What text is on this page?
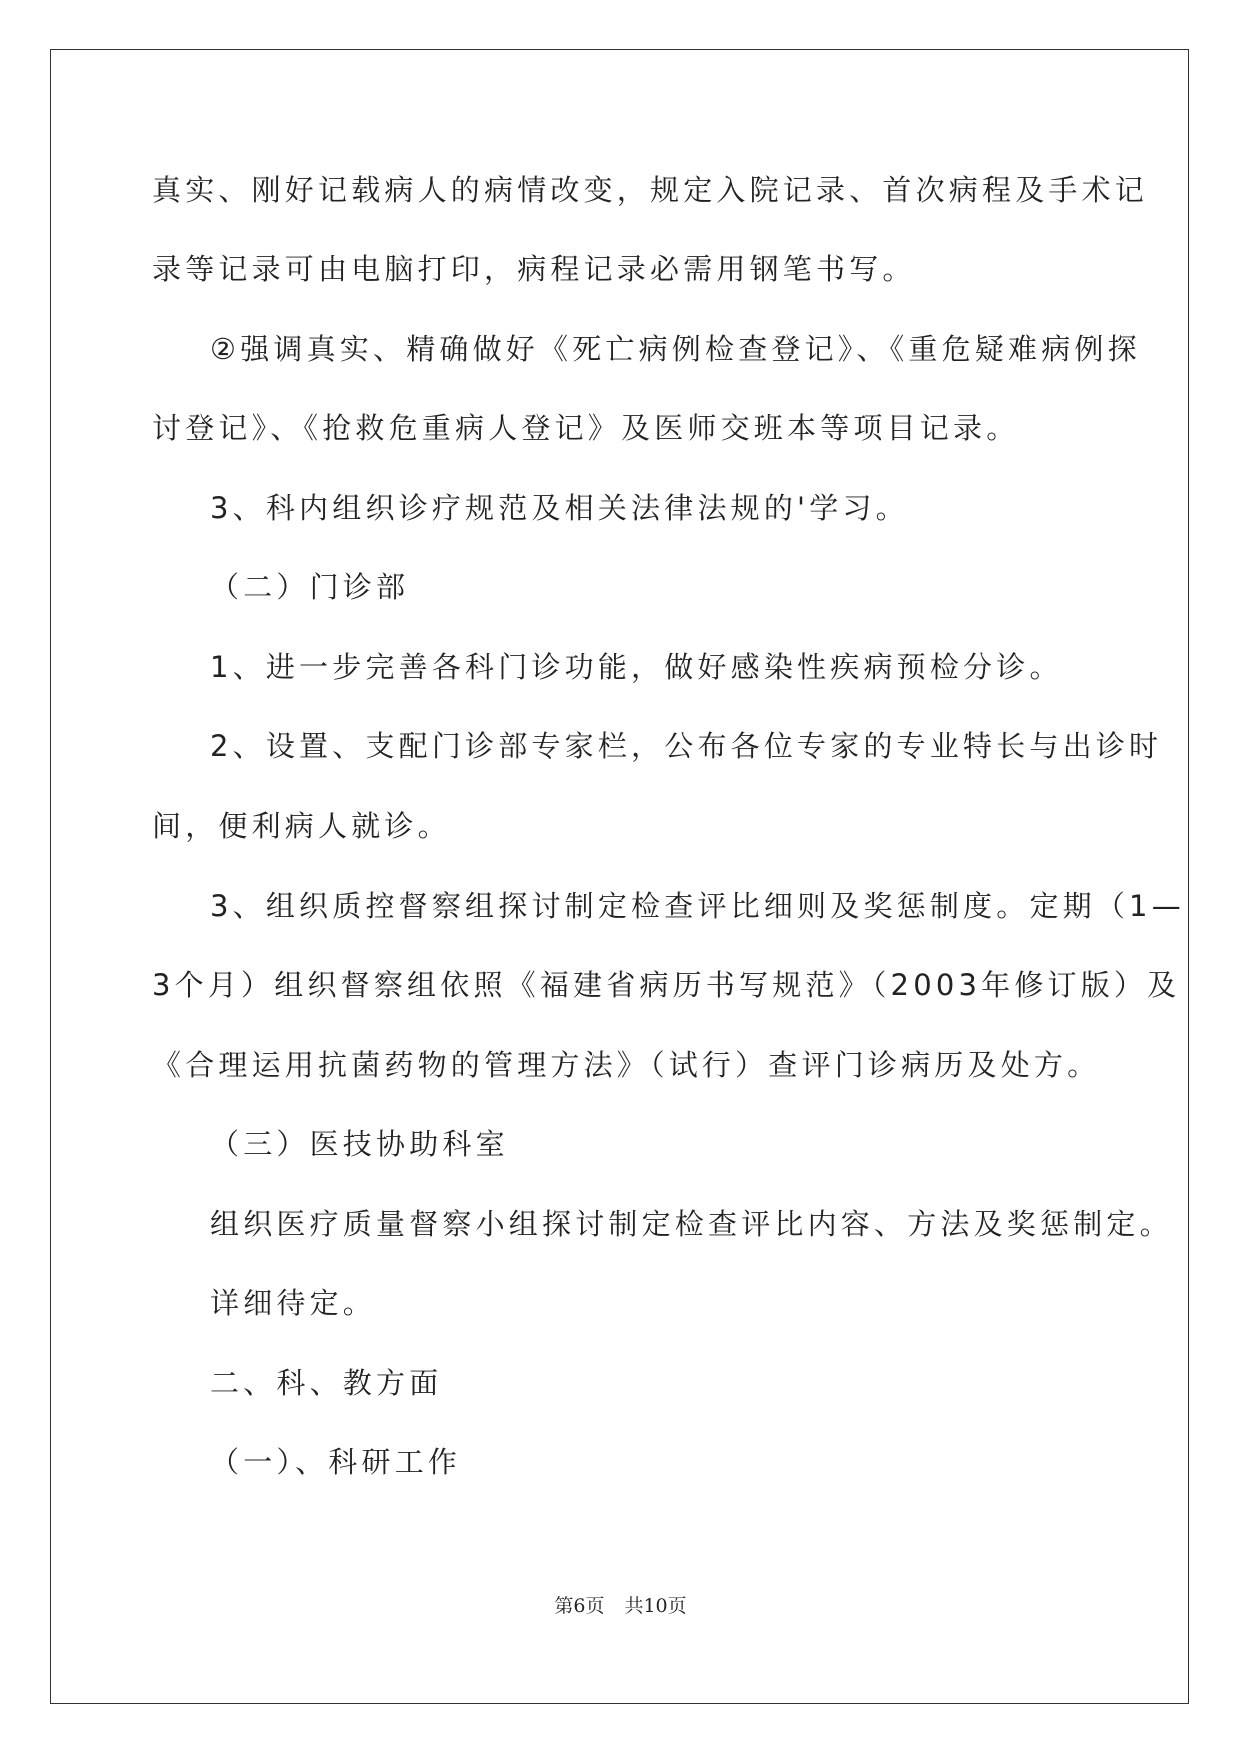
真实、刚好记载病人的病情改变，规定入院记录、首次病程及手术记
录等记录可由电脑打印，病程记录必需用钢笔书写。
②强调真实、精确做好《死亡病例检查登记》、《重危疑难病例探
讨登记》、《抢救危重病人登记》及医师交班本等项目记录。
3、科内组织诊疗规范及相关法律法规的'学习。
（二）门诊部
1、进一步完善各科门诊功能，做好感染性疾病预检分诊。
2、设置、支配门诊部专家栏，公布各位专家的专业特长与出诊时
间，便利病人就诊。
3、组织质控督察组探讨制定检查评比细则及奖惩制度。定期（1—
3个月）组织督察组依照《福建省病历书写规范》（2003年修订版）及
《合理运用抗菌药物的管理方法》（试行）查评门诊病历及处方。
（三）医技协助科室
组织医疗质量督察小组探讨制定检查评比内容、方法及奖惩制定。
详细待定。
二、科、教方面
（一）、科研工作
第6页 共10页
